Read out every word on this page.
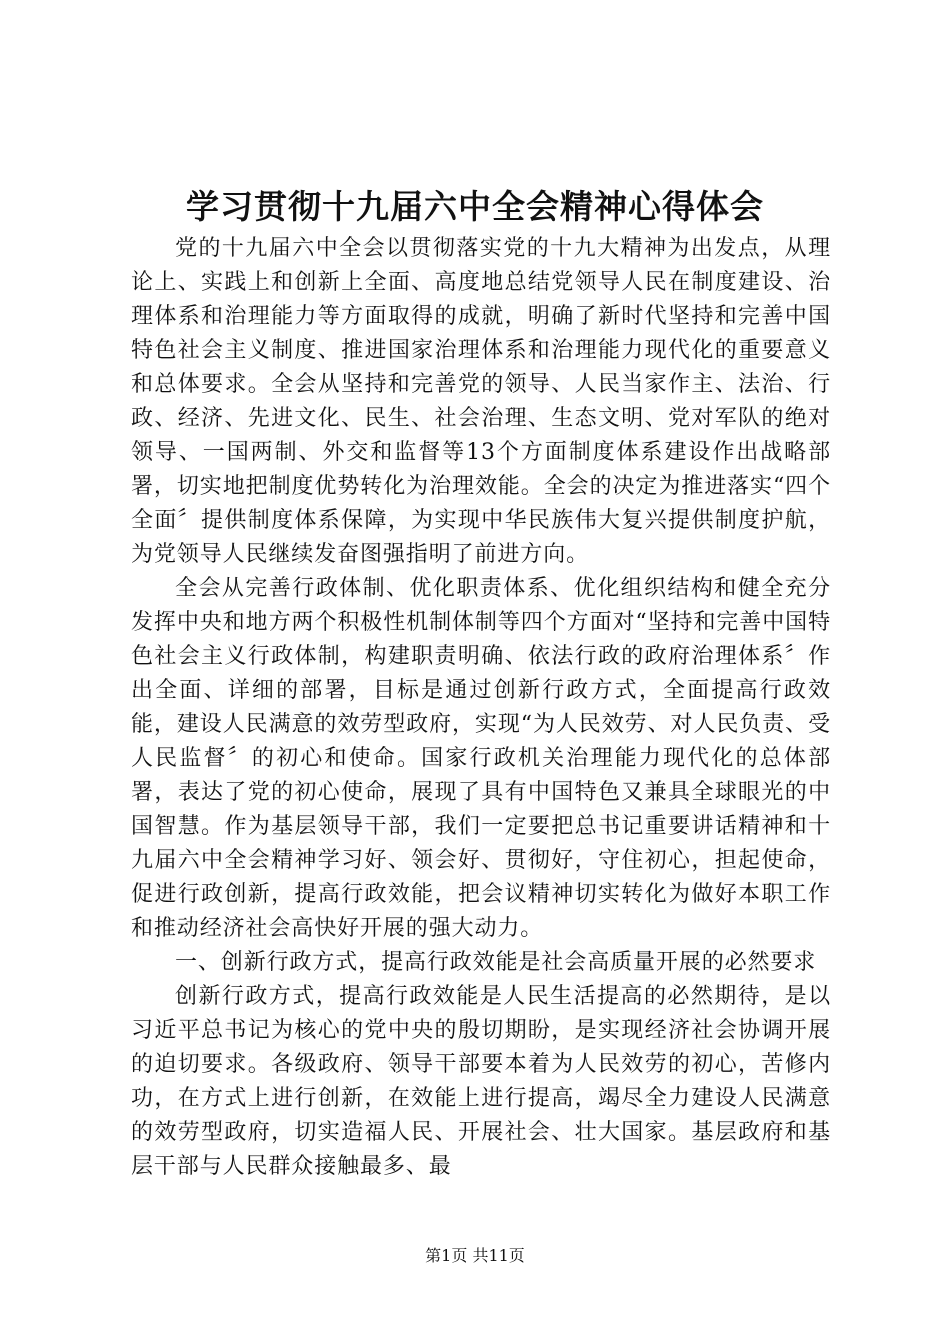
学习贯彻十九届六中全会精神心得体会

党的十九届六中全会以贯彻落实党的十九大精神为出发点，从理论上、实践上和创新上全面、高度地总结党领导人民在制度建设、治理体系和治理能力等方面取得的成就，明确了新时代坚持和完善中国特色社会主义制度、推进国家治理体系和治理能力现代化的重要意义和总体要求。全会从坚持和完善党的领导、人民当家作主、法治、行政、经济、先进文化、民生、社会治理、生态文明、党对军队的绝对领导、一国两制、外交和监督等13个方面制度体系建设作出战略部署，切实地把制度优势转化为治理效能。全会的决定为推进落实“四个全面〞提供制度体系保障，为实现中华民族伟大复兴提供制度护航，为党领导人民继续发奋图强指明了前进方向。

全会从完善行政体制、优化职责体系、优化组织结构和健全充分发挥中央和地方两个积极性机制体制等四个方面对“坚持和完善中国特色社会主义行政体制，构建职责明确、依法行政的政府治理体系〞作出全面、详细的部署，目标是通过创新行政方式，全面提高行政效能，建设人民满意的效劳型政府，实现“为人民效劳、对人民负责、受人民监督〞的初心和使命。国家行政机关治理能力现代化的总体部署，表达了党的初心使命，展现了具有中国特色又兼具全球眼光的中国智慧。作为基层领导干部，我们一定要把总书记重要讲话精神和十九届六中全会精神学习好、领会好、贯彻好，守住初心，担起使命，促进行政创新，提高行政效能，把会议精神切实转化为做好本职工作和推动经济社会高快好开展的强大动力。

一、创新行政方式，提高行政效能是社会高质量开展的必然要求

创新行政方式，提高行政效能是人民生活提高的必然期待，是以习近平总书记为核心的党中央的殷切期盼，是实现经济社会协调开展的迫切要求。各级政府、领导干部要本着为人民效劳的初心，苦修内功，在方式上进行创新，在效能上进行提高，竭尽全力建设人民满意的效劳型政府，切实造福人民、开展社会、壮大国家。基层政府和基层干部与人民群众接触最多、最

第1页 共11页
